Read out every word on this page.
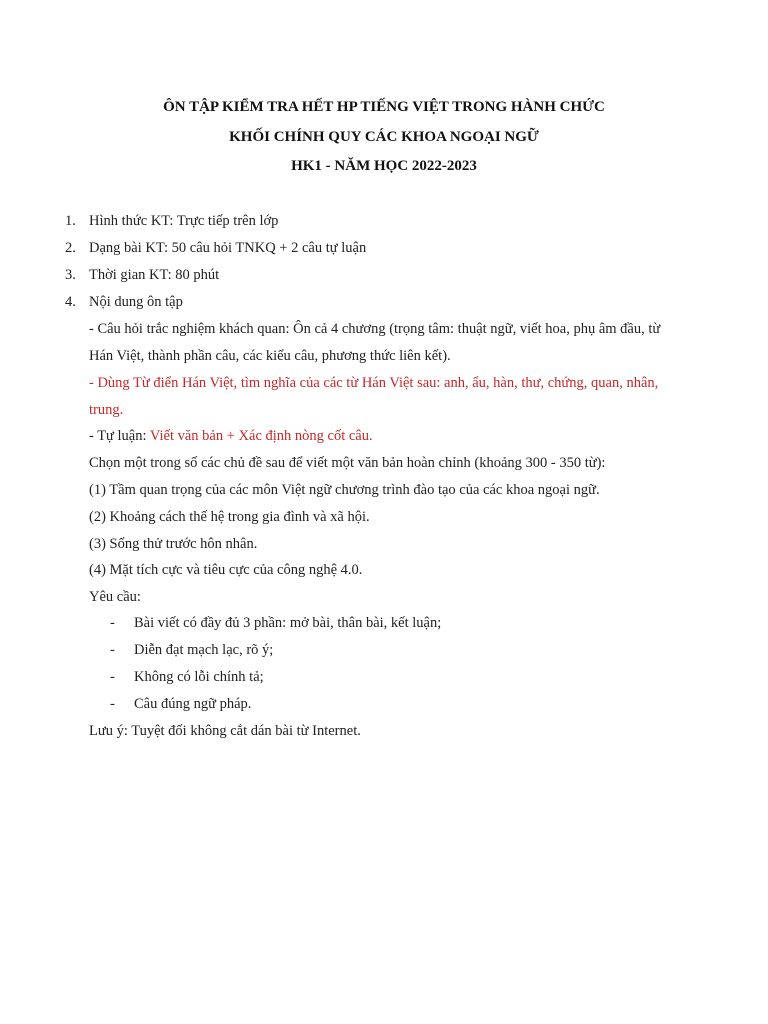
ÔN TẬP KIỂM TRA HẾT HP TIẾNG VIỆT TRONG HÀNH CHỨC
KHỐI CHÍNH QUY CÁC KHOA NGOẠI NGỮ
HK1 - NĂM HỌC 2022-2023
1. Hình thức KT: Trực tiếp trên lớp
2. Dạng bài KT: 50 câu hỏi TNKQ + 2 câu tự luận
3. Thời gian KT: 80 phút
4. Nội dung ôn tập
- Câu hỏi trắc nghiệm khách quan: Ôn cả 4 chương (trọng tâm: thuật ngữ, viết hoa, phụ âm đầu, từ
Hán Việt, thành phần câu, các kiểu câu, phương thức liên kết).
- Dùng Từ điển Hán Việt, tìm nghĩa của các từ Hán Việt sau: anh, ẩu, hàn, thư, chứng, quan, nhân,
trung.
- Tự luận: Viết văn bản + Xác định nòng cốt câu.
Chọn một trong số các chủ đề sau để viết một văn bản hoàn chỉnh (khoảng 300 - 350 từ):
(1) Tầm quan trọng của các môn Việt ngữ chương trình đào tạo của các khoa ngoại ngữ.
(2) Khoảng cách thế hệ trong gia đình và xã hội.
(3) Sống thử trước hôn nhân.
(4) Mặt tích cực và tiêu cực của công nghệ 4.0.
Yêu cầu:
- Bài viết có đầy đủ 3 phần: mở bài, thân bài, kết luận;
- Diễn đạt mạch lạc, rõ ý;
- Không có lỗi chính tả;
- Câu đúng ngữ pháp.
Lưu ý: Tuyệt đối không cắt dán bài từ Internet.
